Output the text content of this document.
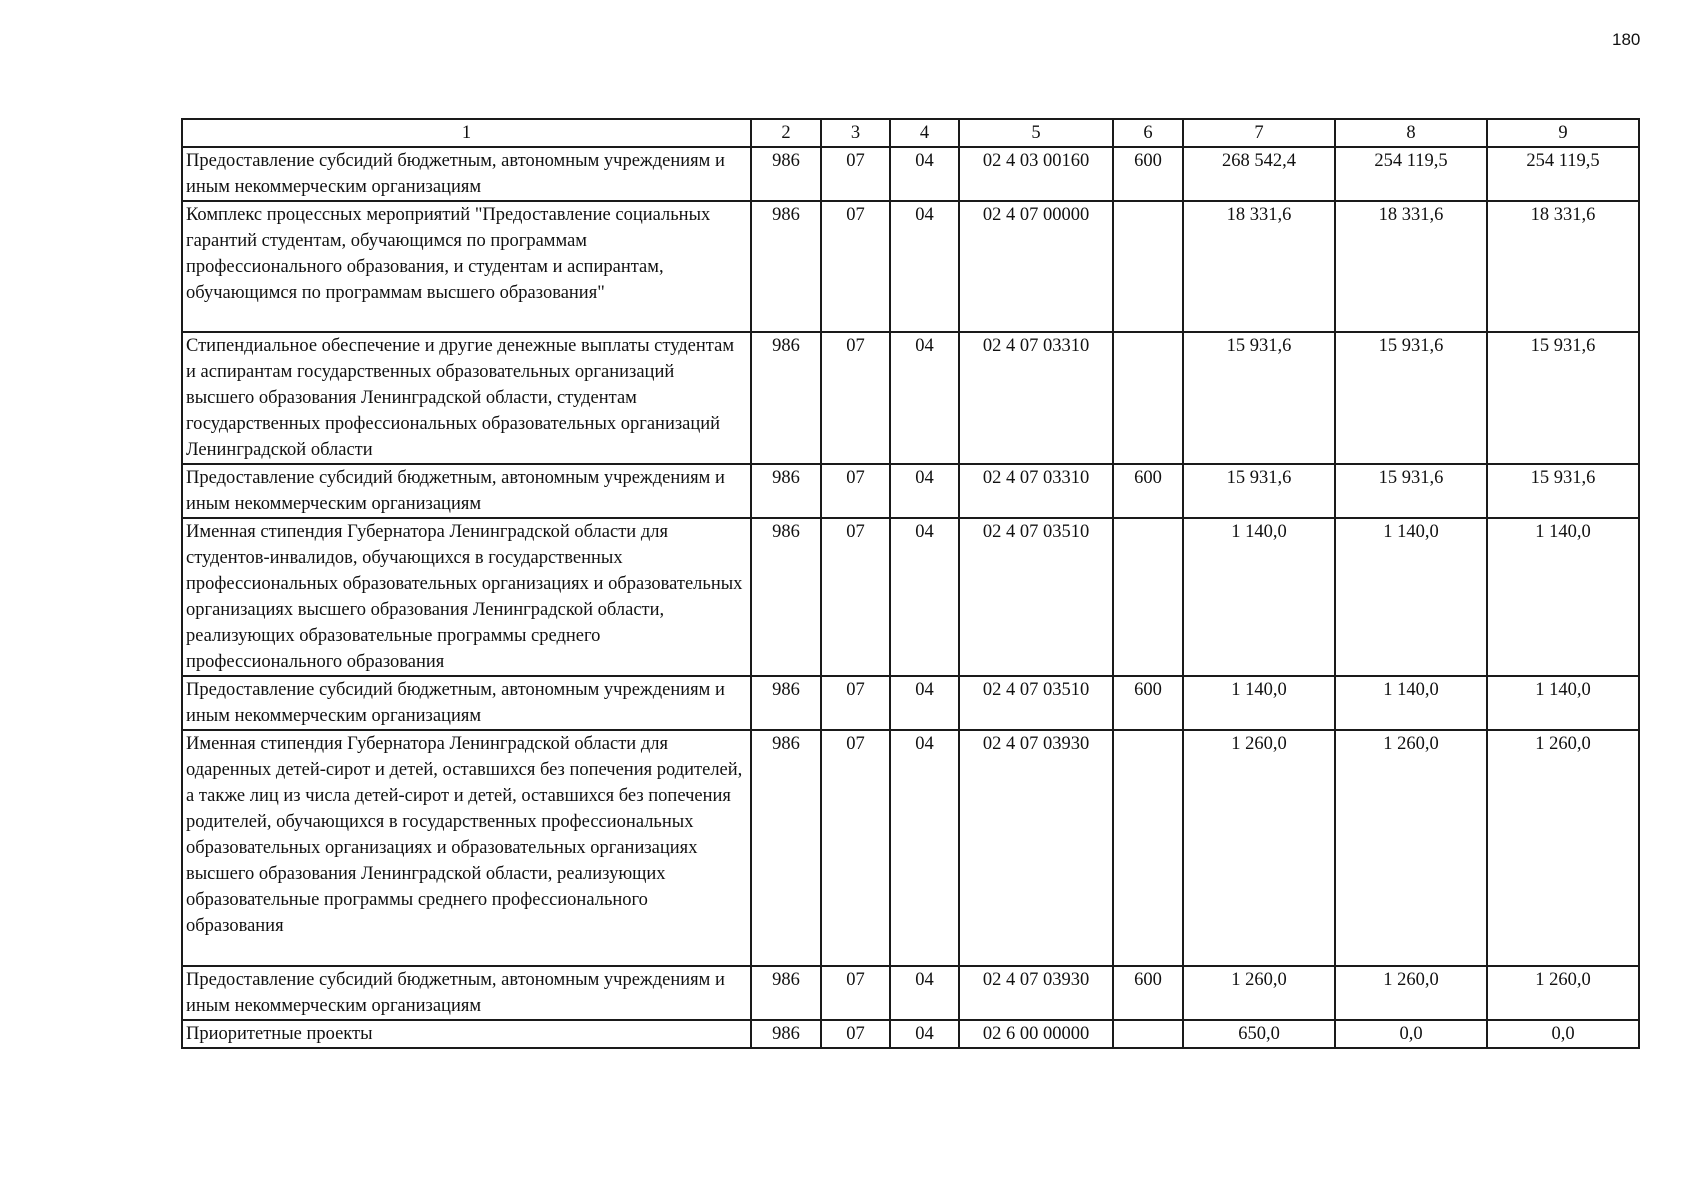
180
1	2	3	4	5	6	7	8	9
Предоставление субсидий бюджетным, автономным учреждениям и иным некоммерческим организациям	986	07	04	02 4 03 00160	600	268 542,4	254 119,5	254 119,5
Комплекс процессных мероприятий "Предоставление социальных гарантий студентам, обучающимся по программам профессионального образования, и студентам и аспирантам, обучающимся по программам высшего образования"	986	07	04	02 4 07 00000		18 331,6	18 331,6	18 331,6
Стипендиальное обеспечение и другие денежные выплаты студентам и аспирантам государственных образовательных организаций высшего образования Ленинградской области, студентам государственных профессиональных образовательных организаций Ленинградской области	986	07	04	02 4 07 03310		15 931,6	15 931,6	15 931,6
Предоставление субсидий бюджетным, автономным учреждениям и иным некоммерческим организациям	986	07	04	02 4 07 03310	600	15 931,6	15 931,6	15 931,6
Именная стипендия Губернатора Ленинградской области для студентов-инвалидов, обучающихся в государственных профессиональных образовательных организациях и образовательных организациях высшего образования Ленинградской области, реализующих образовательные программы среднего профессионального образования	986	07	04	02 4 07 03510		1 140,0	1 140,0	1 140,0
Предоставление субсидий бюджетным, автономным учреждениям и иным некоммерческим организациям	986	07	04	02 4 07 03510	600	1 140,0	1 140,0	1 140,0
Именная стипендия Губернатора Ленинградской области для одаренных детей-сирот и детей, оставшихся без попечения родителей, а также лиц из числа детей-сирот и детей, оставшихся без попечения родителей, обучающихся в государственных профессиональных образовательных организациях и образовательных организациях высшего образования Ленинградской области, реализующих образовательные программы среднего профессионального образования	986	07	04	02 4 07 03930		1 260,0	1 260,0	1 260,0
Предоставление субсидий бюджетным, автономным учреждениям и иным некоммерческим организациям	986	07	04	02 4 07 03930	600	1 260,0	1 260,0	1 260,0
Приоритетные проекты	986	07	04	02 6 00 00000		650,0	0,0	0,0
